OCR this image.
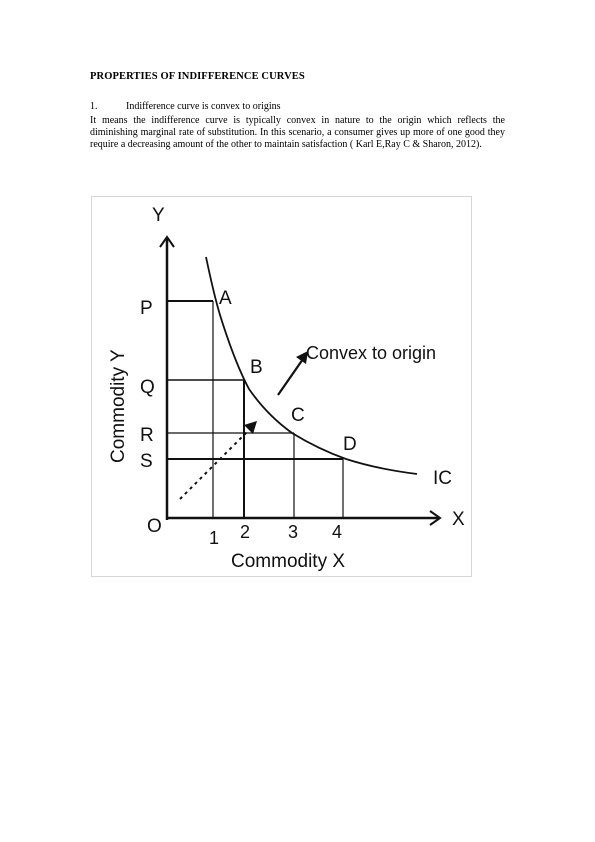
PROPERTIES OF INDIFFERENCE CURVES
1.	Indifference curve is convex to origins

It means the indifference curve is typically convex in nature to the origin which reflects the diminishing marginal rate of substitution. In this scenario, a consumer gives up more of one good they require a decreasing amount of the other to maintain satisfaction ( Karl E,Ray C & Sharon, 2012).

Y
X
O
Commodity Y
Commodity X
IC
Convex to origin
A
B
C
D
P
Q
R
S
1 2 3 4
